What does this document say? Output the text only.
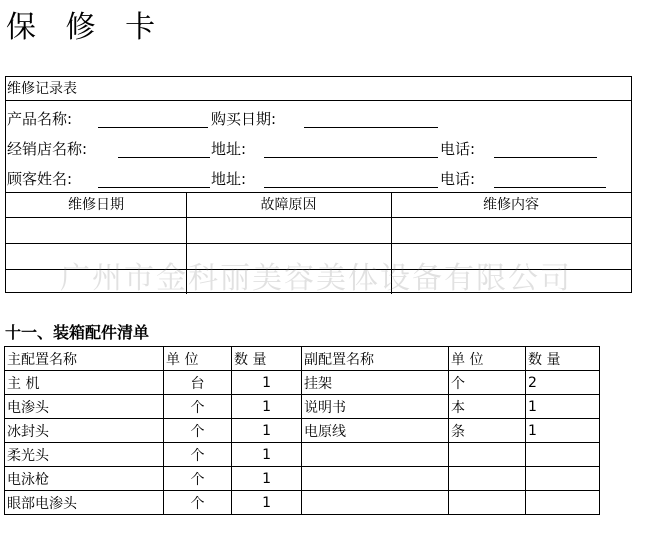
保 修 卡
维修记录表
产品名称:	购买日期:
经销店名称:	地址:	电话:
顾客姓名:	地址:	电话:
维修日期	故障原因	维修内容
广州市金科丽美容美体设备有限公司
十一、装箱配件清单
主配置名称	单 位	数 量	副配置名称	单 位	数 量
主 机	台	1	挂架	个	2
电渗头	个	1	说明书	本	1
冰封头	个	1	电原线	条	1
柔光头	个	1			
电泳枪	个	1			
眼部电渗头	个	1			
